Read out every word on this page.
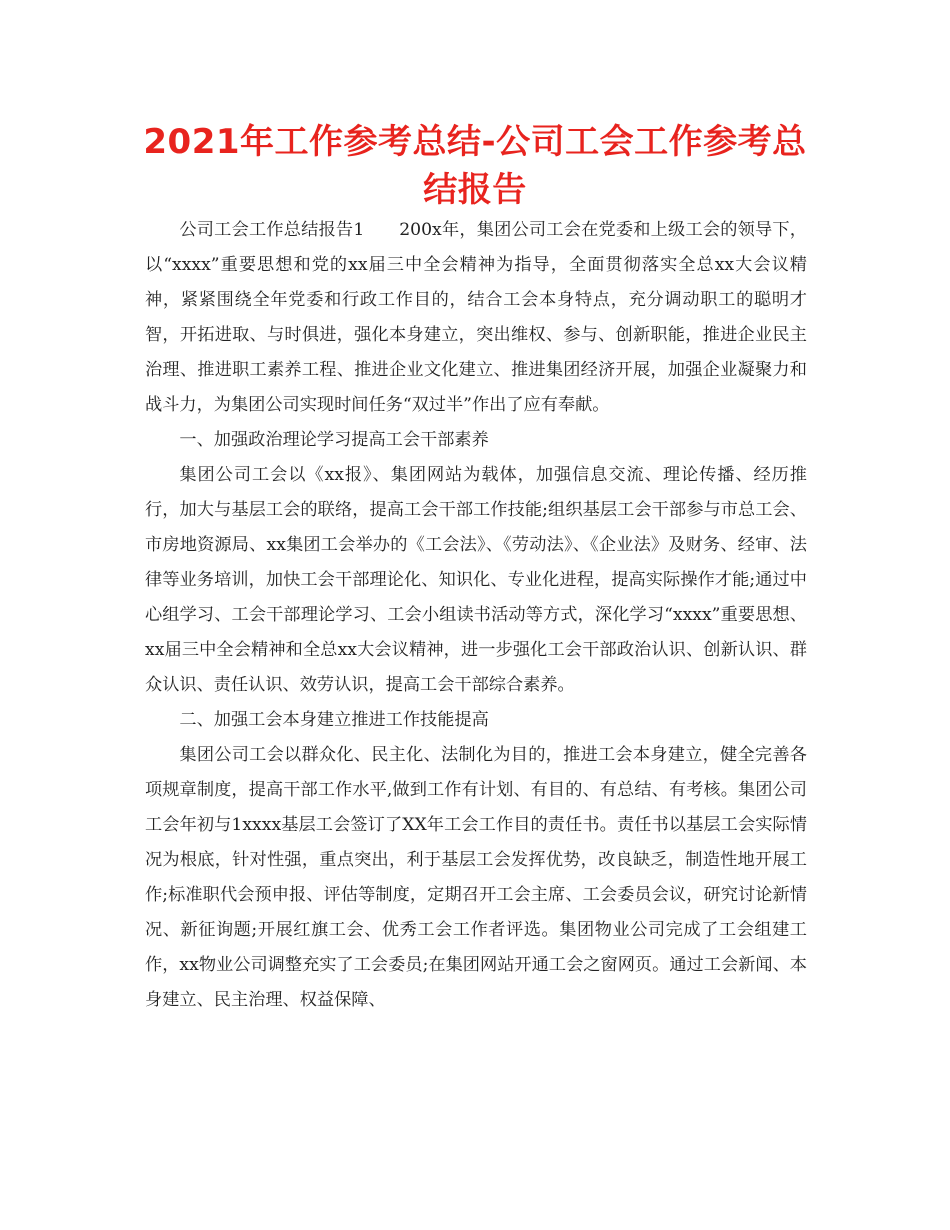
2021年工作参考总结-公司工会工作参考总结报告

公司工会工作总结报告1　　200x年，集团公司工会在党委和上级工会的领导下，以“xxxx”重要思想和党的xx届三中全会精神为指导，全面贯彻落实全总xx大会议精神，紧紧围绕全年党委和行政工作目的，结合工会本身特点，充分调动职工的聪明才智，开拓进取、与时俱进，强化本身建立，突出维权、参与、创新职能，推进企业民主治理、推进职工素养工程、推进企业文化建立、推进集团经济开展，加强企业凝聚力和战斗力，为集团公司实现时间任务“双过半”作出了应有奉献。

一、加强政治理论学习提高工会干部素养

集团公司工会以《xx报》、集团网站为载体，加强信息交流、理论传播、经历推行，加大与基层工会的联络，提高工会干部工作技能;组织基层工会干部参与市总工会、市房地资源局、xx集团工会举办的《工会法》、《劳动法》、《企业法》及财务、经审、法律等业务培训，加快工会干部理论化、知识化、专业化进程，提高实际操作才能;通过中心组学习、工会干部理论学习、工会小组读书活动等方式，深化学习“xxxx”重要思想、xx届三中全会精神和全总xx大会议精神，进一步强化工会干部政治认识、创新认识、群众认识、责任认识、效劳认识，提高工会干部综合素养。

二、加强工会本身建立推进工作技能提高

集团公司工会以群众化、民主化、法制化为目的，推进工会本身建立，健全完善各项规章制度，提高干部工作水平,做到工作有计划、有目的、有总结、有考核。集团公司工会年初与1xxxx基层工会签订了XX年工会工作目的责任书。责任书以基层工会实际情况为根底，针对性强，重点突出，利于基层工会发挥优势，改良缺乏，制造性地开展工作;标准职代会预申报、评估等制度，定期召开工会主席、工会委员会议，研究讨论新情况、新征询题;开展红旗工会、优秀工会工作者评选。集团物业公司完成了工会组建工作，xx物业公司调整充实了工会委员;在集团网站开通工会之窗网页。通过工会新闻、本身建立、民主治理、权益保障、
